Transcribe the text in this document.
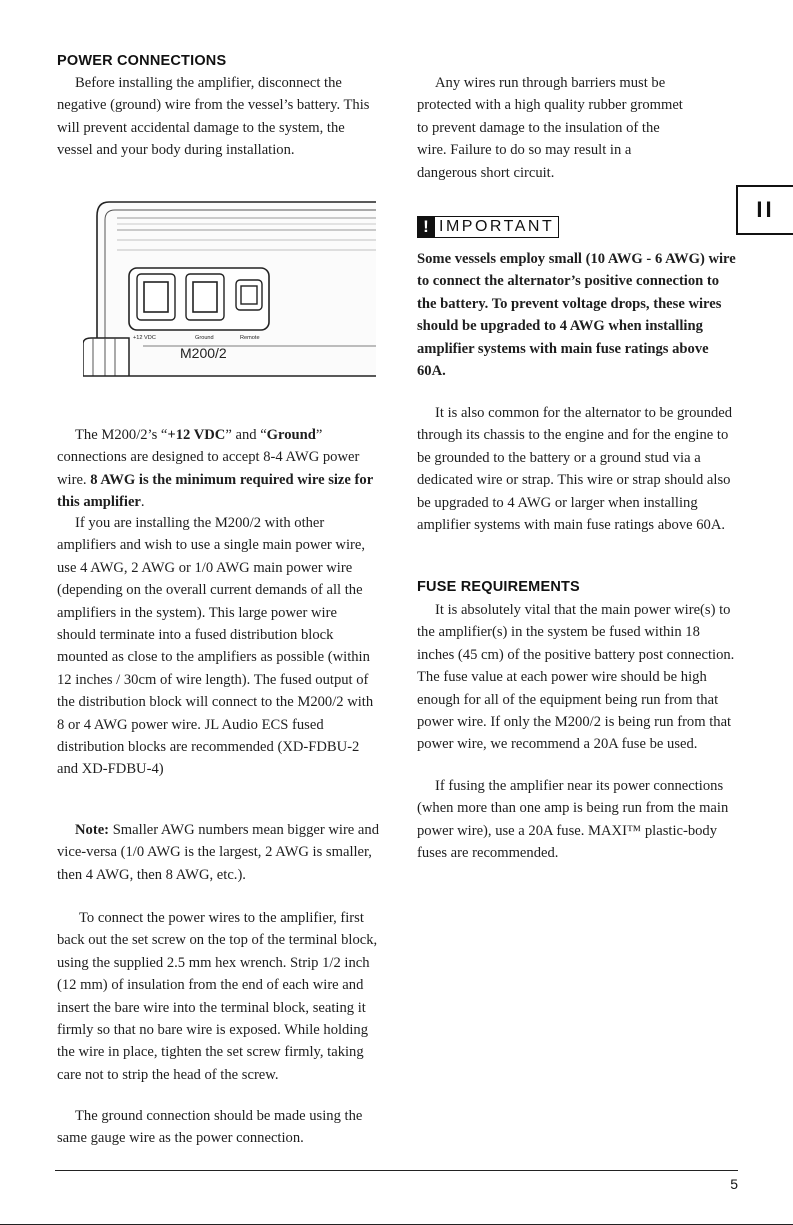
POWER CONNECTIONS

Before installing the amplifier, disconnect the negative (ground) wire from the vessel’s battery. This will prevent accidental damage to the system, the vessel and your body during installation.

+12 VDC	Ground	Remote
M200/2

The M200/2’s “+12 VDC” and “Ground” connections are designed to accept 8-4 AWG power wire. 8 AWG is the minimum required wire size for this amplifier.

If you are installing the M200/2 with other amplifiers and wish to use a single main power wire, use 4 AWG, 2 AWG or 1/0 AWG main power wire (depending on the overall current demands of all the amplifiers in the system). This large power wire should terminate into a fused distribution block mounted as close to the amplifiers as possible (within 12 inches / 30cm of wire length). The fused output of the distribution block will connect to the M200/2 with 8 or 4 AWG power wire. JL Audio ECS fused distribution blocks are recommended (XD-FDBU-2 and XD-FDBU-4)

Note: Smaller AWG numbers mean bigger wire and vice-versa (1/0 AWG is the largest, 2 AWG is smaller, then 4 AWG, then 8 AWG, etc.).

To connect the power wires to the amplifier, first back out the set screw on the top of the terminal block, using the supplied 2.5 mm hex wrench. Strip 1/2 inch (12 mm) of insulation from the end of each wire and insert the bare wire into the terminal block, seating it firmly so that no bare wire is exposed. While holding the wire in place, tighten the set screw firmly, taking care not to strip the head of the screw.

The ground connection should be made using the same gauge wire as the power connection.

Any wires run through barriers must be protected with a high quality rubber grommet to prevent damage to the insulation of the wire. Failure to do so may result in a dangerous short circuit.

! IMPORTANT

Some vessels employ small (10 AWG - 6 AWG) wire to connect the alternator’s positive connection to the battery. To prevent voltage drops, these wires should be upgraded to 4 AWG when installing amplifier systems with main fuse ratings above 60A.

It is also common for the alternator to be grounded through its chassis to the engine and for the engine to be grounded to the battery or a ground stud via a dedicated wire or strap. This wire or strap should also be upgraded to 4 AWG or larger when installing amplifier systems with main fuse ratings above 60A.

FUSE REQUIREMENTS

It is absolutely vital that the main power wire(s) to the amplifier(s) in the system be fused within 18 inches (45 cm) of the positive battery post connection. The fuse value at each power wire should be high enough for all of the equipment being run from that power wire. If only the M200/2 is being run from that power wire, we recommend a 20A fuse be used.

If fusing the amplifier near its power connections (when more than one amp is being run from the main power wire), use a 20A fuse. MAXI™ plastic-body fuses are recommended.

II
5
